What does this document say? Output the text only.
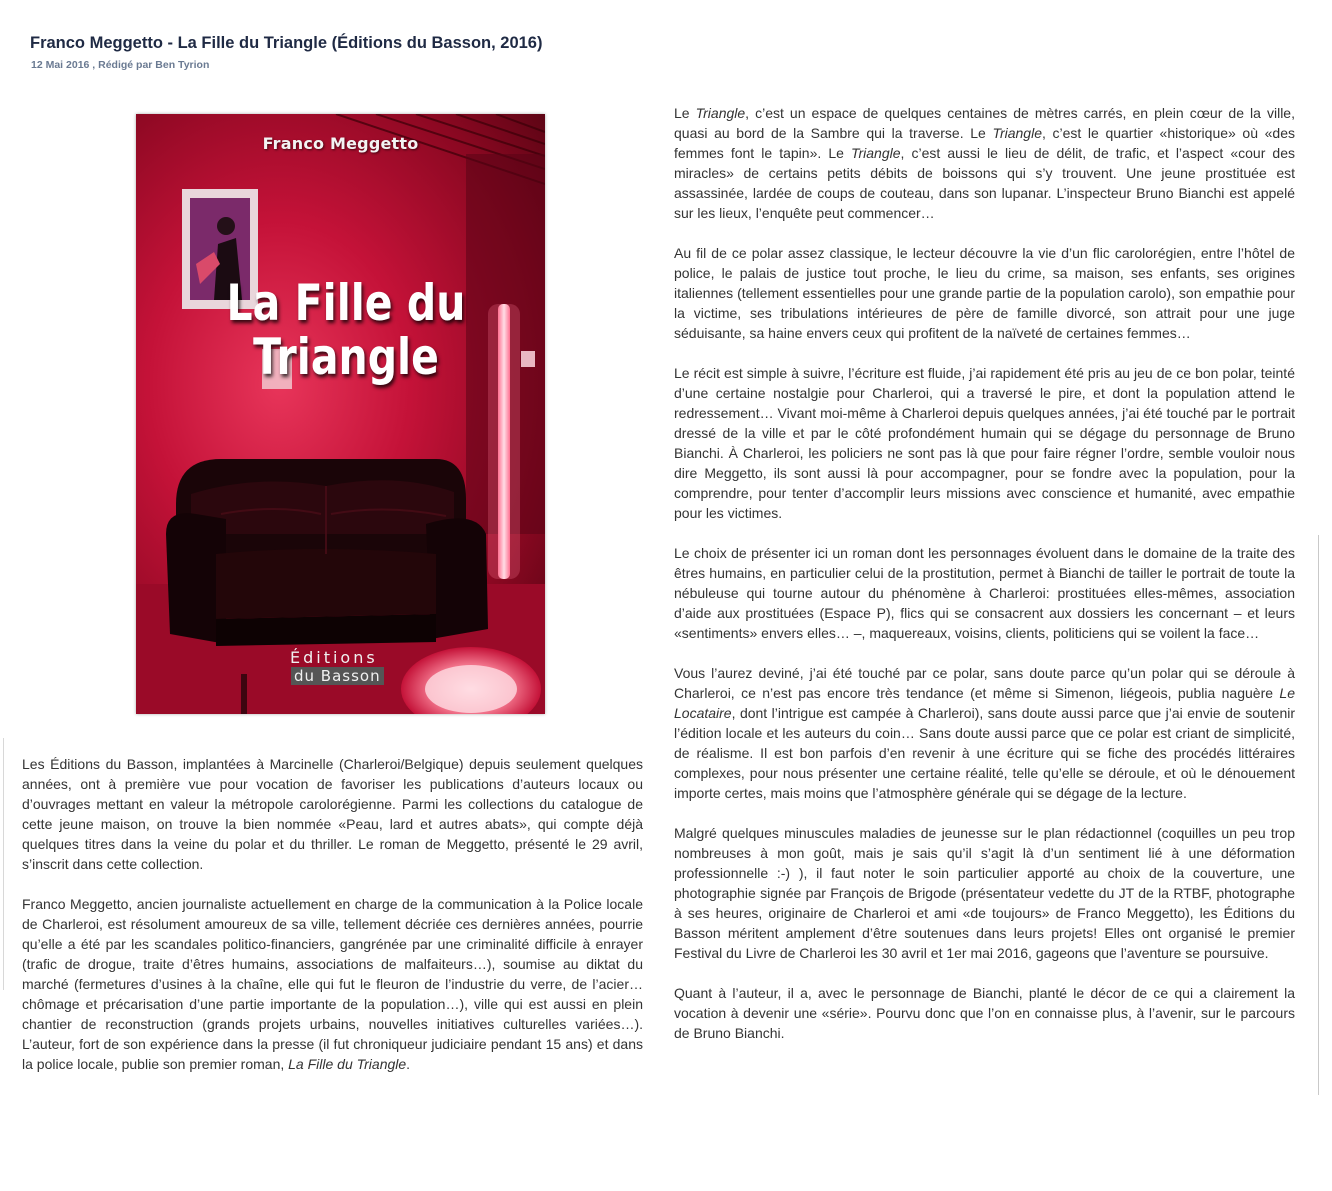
Franco Meggetto - La Fille du Triangle (Éditions du Basson, 2016)
12 Mai 2016 , Rédigé par Ben Tyrion
Franco Meggetto
La Fille du
Triangle
Éditions
du Basson

Les Éditions du Basson, implantées à Marcinelle (Charleroi/Belgique) depuis seulement quelques années, ont à première vue pour vocation de favoriser les publications d’auteurs locaux ou d’ouvrages mettant en valeur la métropole carolorégienne. Parmi les collections du catalogue de cette jeune maison, on trouve la bien nommée «Peau, lard et autres abats», qui compte déjà quelques titres dans la veine du polar et du thriller. Le roman de Meggetto, présenté le 29 avril, s’inscrit dans cette collection.

Franco Meggetto, ancien journaliste actuellement en charge de la communication à la Police locale de Charleroi, est résolument amoureux de sa ville, tellement décriée ces dernières années, pourrie qu’elle a été par les scandales politico-financiers, gangrénée par une criminalité difficile à enrayer (trafic de drogue, traite d’êtres humains, associations de malfaiteurs…), soumise au diktat du marché (fermetures d’usines à la chaîne, elle qui fut le fleuron de l’industrie du verre, de l’acier… chômage et précarisation d’une partie importante de la population…), ville qui est aussi en plein chantier de reconstruction (grands projets urbains, nouvelles initiatives culturelles variées…). L’auteur, fort de son expérience dans la presse (il fut chroniqueur judiciaire pendant 15 ans) et dans la police locale, publie son premier roman, La Fille du Triangle.

Le Triangle, c’est un espace de quelques centaines de mètres carrés, en plein cœur de la ville, quasi au bord de la Sambre qui la traverse. Le Triangle, c’est le quartier «historique» où «des femmes font le tapin». Le Triangle, c’est aussi le lieu de délit, de trafic, et l’aspect «cour des miracles» de certains petits débits de boissons qui s’y trouvent. Une jeune prostituée est assassinée, lardée de coups de couteau, dans son lupanar. L’inspecteur Bruno Bianchi est appelé sur les lieux, l’enquête peut commencer…

Au fil de ce polar assez classique, le lecteur découvre la vie d’un flic carolorégien, entre l’hôtel de police, le palais de justice tout proche, le lieu du crime, sa maison, ses enfants, ses origines italiennes (tellement essentielles pour une grande partie de la population carolo), son empathie pour la victime, ses tribulations intérieures de père de famille divorcé, son attrait pour une juge séduisante, sa haine envers ceux qui profitent de la naïveté de certaines femmes…

Le récit est simple à suivre, l’écriture est fluide, j’ai rapidement été pris au jeu de ce bon polar, teinté d’une certaine nostalgie pour Charleroi, qui a traversé le pire, et dont la population attend le redressement… Vivant moi-même à Charleroi depuis quelques années, j’ai été touché par le portrait dressé de la ville et par le côté profondément humain qui se dégage du personnage de Bruno Bianchi. À Charleroi, les policiers ne sont pas là que pour faire régner l’ordre, semble vouloir nous dire Meggetto, ils sont aussi là pour accompagner, pour se fondre avec la population, pour la comprendre, pour tenter d’accomplir leurs missions avec conscience et humanité, avec empathie pour les victimes.

Le choix de présenter ici un roman dont les personnages évoluent dans le domaine de la traite des êtres humains, en particulier celui de la prostitution, permet à Bianchi de tailler le portrait de toute la nébuleuse qui tourne autour du phénomène à Charleroi: prostituées elles-mêmes, association d’aide aux prostituées (Espace P), flics qui se consacrent aux dossiers les concernant – et leurs «sentiments» envers elles… –, maquereaux, voisins, clients, politiciens qui se voilent la face…

Vous l’aurez deviné, j’ai été touché par ce polar, sans doute parce qu’un polar qui se déroule à Charleroi, ce n’est pas encore très tendance (et même si Simenon, liégeois, publia naguère Le Locataire, dont l’intrigue est campée à Charleroi), sans doute aussi parce que j’ai envie de soutenir l’édition locale et les auteurs du coin… Sans doute aussi parce que ce polar est criant de simplicité, de réalisme. Il est bon parfois d’en revenir à une écriture qui se fiche des procédés littéraires complexes, pour nous présenter une certaine réalité, telle qu’elle se déroule, et où le dénouement importe certes, mais moins que l’atmosphère générale qui se dégage de la lecture.

Malgré quelques minuscules maladies de jeunesse sur le plan rédactionnel (coquilles un peu trop nombreuses à mon goût, mais je sais qu’il s’agit là d’un sentiment lié à une déformation professionnelle :-) ), il faut noter le soin particulier apporté au choix de la couverture, une photographie signée par François de Brigode (présentateur vedette du JT de la RTBF, photographe à ses heures, originaire de Charleroi et ami «de toujours» de Franco Meggetto), les Éditions du Basson méritent amplement d’être soutenues dans leurs projets! Elles ont organisé le premier Festival du Livre de Charleroi les 30 avril et 1er mai 2016, gageons que l’aventure se poursuive.

Quant à l’auteur, il a, avec le personnage de Bianchi, planté le décor de ce qui a clairement la vocation à devenir une «série». Pourvu donc que l’on en connaisse plus, à l’avenir, sur le parcours de Bruno Bianchi.
